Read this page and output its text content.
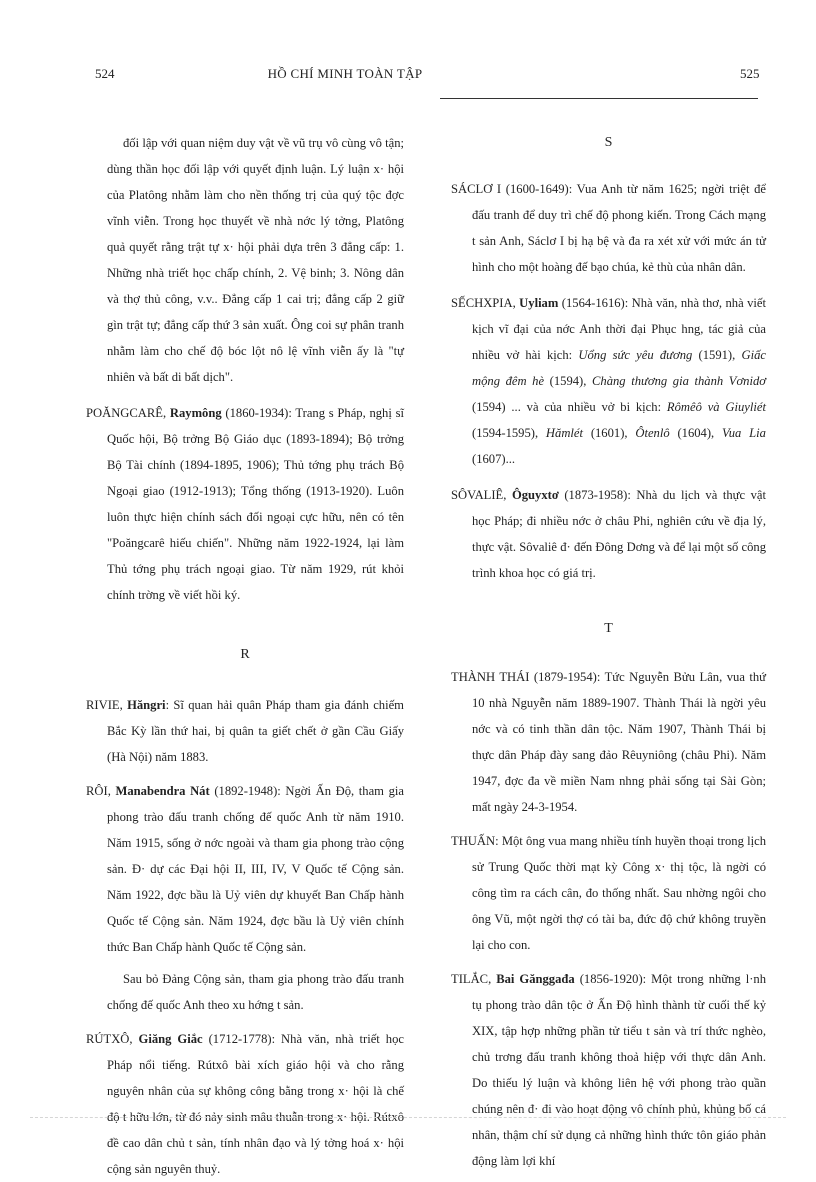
524	HỒ CHÍ MINH TOÀN TẬP	525

đối lập với quan niệm duy vật về vũ trụ vô cùng vô tận; dùng thần học đối lập với quyết định luận. Lý luận x· hội của Platông nhằm làm cho nền thống trị của quý tộc đợc vĩnh viễn. Trong học thuyết về nhà nớc lý tởng, Platông quả quyết rằng trật tự x· hội phải dựa trên 3 đẳng cấp: 1. Những nhà triết học chấp chính, 2. Vệ binh; 3. Nông dân và thợ thủ công, v.v.. Đẳng cấp 1 cai trị; đẳng cấp 2 giữ gìn trật tự; đẳng cấp thứ 3 sản xuất. Ông coi sự phân tranh nhằm làm cho chế độ bóc lột nô lệ vĩnh viễn ấy là "tự nhiên và bất di bất dịch".

POĂNGCARÊ, Raymông (1860-1934): Trang s Pháp, nghị sĩ Quốc hội, Bộ trởng Bộ Giáo dục (1893-1894); Bộ trởng Bộ Tài chính (1894-1895, 1906); Thủ tớng phụ trách Bộ Ngoại giao (1912-1913); Tổng thống (1913-1920). Luôn luôn thực hiện chính sách đối ngoại cực hữu, nên có tên "Poăngcarê hiếu chiến". Những năm 1922-1924, lại làm Thủ tớng phụ trách ngoại giao. Từ năm 1929, rút khỏi chính trờng về viết hồi ký.

R

RIVIE, Hăngri: Sĩ quan hải quân Pháp tham gia đánh chiếm Bắc Kỳ lần thứ hai, bị quân ta giết chết ở gần Cầu Giấy (Hà Nội) năm 1883.

RÔI, Manabendra Nát (1892-1948): Ngời Ấn Độ, tham gia phong trào đấu tranh chống đế quốc Anh từ năm 1910. Năm 1915, sống ở nớc ngoài và tham gia phong trào cộng sản. Đ· dự các Đại hội II, III, IV, V Quốc tế Cộng sản. Năm 1922, đợc bầu là Uỷ viên dự khuyết Ban Chấp hành Quốc tế Cộng sản. Năm 1924, đợc bầu là Uỷ viên chính thức Ban Chấp hành Quốc tế Cộng sản.

Sau bỏ Đảng Cộng sản, tham gia phong trào đấu tranh chống đế quốc Anh theo xu hớng t sản.

RÚTXÔ, Giăng Giắc (1712-1778): Nhà văn, nhà triết học Pháp nổi tiếng. Rútxô bài xích giáo hội và cho rằng nguyên nhân của sự không công bằng trong x· hội là chế độ t hữu lớn, từ đó nảy sinh mâu thuẫn trong x· hội. Rútxô đề cao dân chủ t sản, tính nhân đạo và lý tởng hoá x· hội cộng sản nguyên thuỷ.

S

SÁCLƠ I (1600-1649): Vua Anh từ năm 1625; ngời triệt để đấu tranh để duy trì chế độ phong kiến. Trong Cách mạng t sản Anh, Sáclơ I bị hạ bệ và đa ra xét xử với mức án tử hình cho một hoàng đế bạo chúa, kẻ thù của nhân dân.

SẾCHXPIA, Uyliam (1564-1616): Nhà văn, nhà thơ, nhà viết kịch vĩ đại của nớc Anh thời đại Phục hng, tác giả của nhiều vở hài kịch: Uổng sức yêu đương (1591), Giấc mộng đêm hè (1594), Chàng thương gia thành Vơnidơ (1594) ... và của nhiều vở bi kịch: Rômêô và Giuyliét (1594-1595), Hămlét (1601), Ôtenlô (1604), Vua Lia (1607)...

SÔVALIÊ, Ôguyxtơ (1873-1958): Nhà du lịch và thực vật học Pháp; đi nhiều nớc ở châu Phi, nghiên cứu về địa lý, thực vật. Sôvaliê đ· đến Đông Dơng và để lại một số công trình khoa học có giá trị.

T

THÀNH THÁI (1879-1954): Tức Nguyễn Bửu Lân, vua thứ 10 nhà Nguyễn năm 1889-1907. Thành Thái là ngời yêu nớc và có tinh thần dân tộc. Năm 1907, Thành Thái bị thực dân Pháp đày sang đảo Rêuyniông (châu Phi). Năm 1947, đợc đa về miền Nam nhng phải sống tại Sài Gòn; mất ngày 24-3-1954.

THUẤN: Một ông vua mang nhiều tính huyền thoại trong lịch sử Trung Quốc thời mạt kỳ Công x· thị tộc, là ngời có công tìm ra cách cân, đo thống nhất. Sau nhờng ngôi cho ông Vũ, một ngời thợ có tài ba, đức độ chứ không truyền lại cho con.

TILẮC, Bai Gănggađa (1856-1920): Một trong những l·nh tụ phong trào dân tộc ở Ấn Độ hình thành từ cuối thế kỷ XIX, tập hợp những phần tử tiểu t sản và trí thức nghèo, chủ trơng đấu tranh không thoả hiệp với thực dân Anh. Do thiếu lý luận và không liên hệ với phong trào quần chúng nên đ· đi vào hoạt động vô chính phủ, khủng bố cá nhân, thậm chí sử dụng cả những hình thức tôn giáo phản động làm lợi khí
